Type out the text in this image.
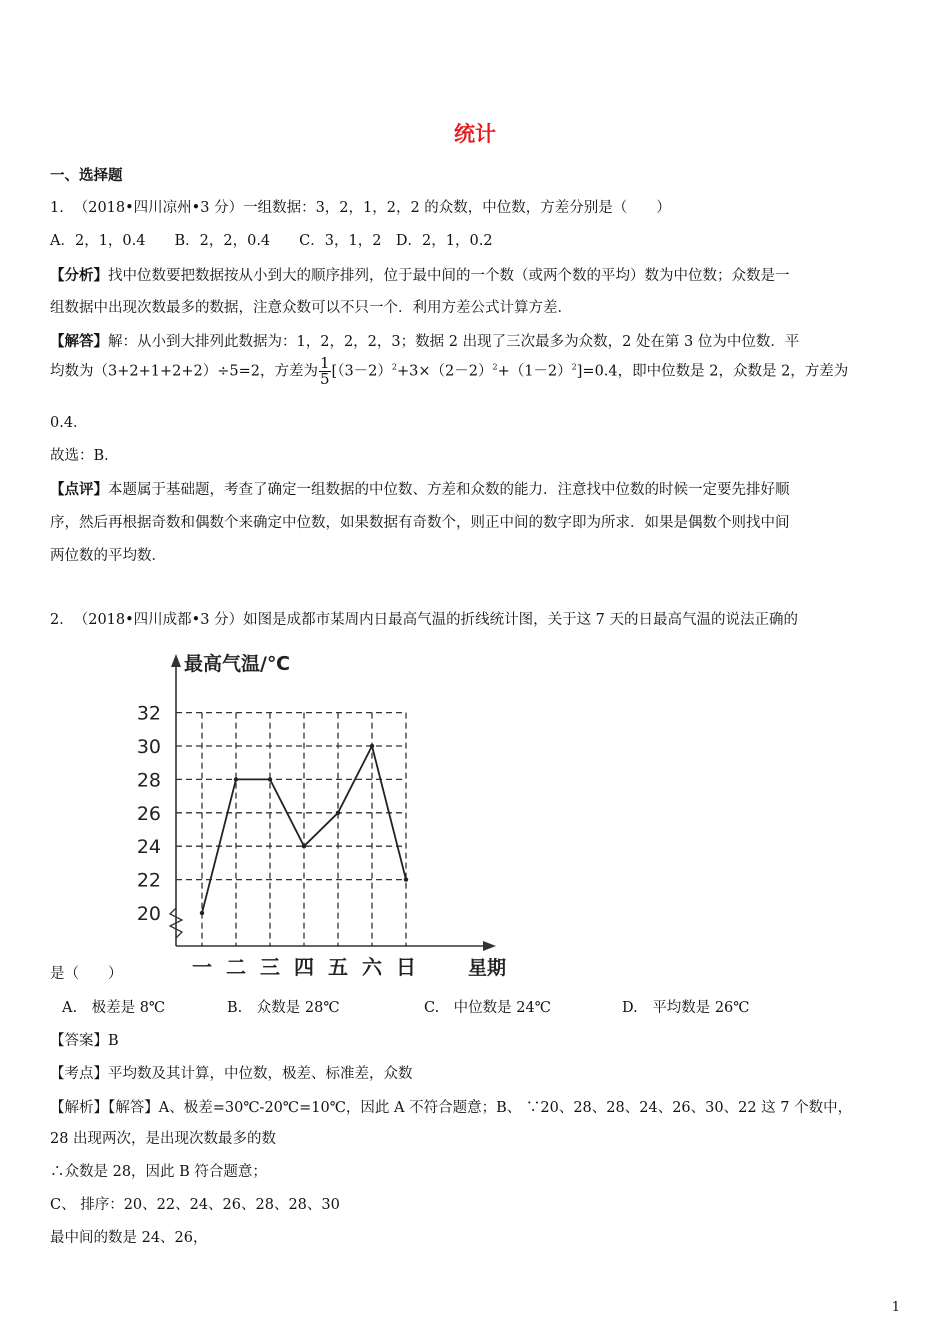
统计
一、选择题
1．　（2018•四川凉州•3 分）一组数据：3，2，1，2，2 的众数，中位数，方差分别是（　　）
A．2，1，0.4　　B．2，2，0.4　　C．3，1，2　D．2，1，0.2
【分析】找中位数要把数据按从小到大的顺序排列，位于最中间的一个数（或两个数的平均）数为中位数；众数是一
组数据中出现次数最多的数据，注意众数可以不只一个．利用方差公式计算方差．
【解答】解：从小到大排列此数据为：1，2，2，2，3；数据 2 出现了三次最多为众数，2 处在第 3 位为中位数．平
均数为（3+2+1+2+2）÷5=2，方差为 $\frac{1}{5} [(3-2)^2+3\times(2-2)^2+(1-2)^2]=0.4$，即中位数是 2，众数是 2，方差为
0.4．
故选：B．
【点评】本题属于基础题，考查了确定一组数据的中位数、方差和众数的能力．注意找中位数的时候一定要先排好顺
序，然后再根据奇数和偶数个来确定中位数，如果数据有奇数个，则正中间的数字即为所求．如果是偶数个则找中间
两位数的平均数．
2．　（2018•四川成都•3 分）如图是成都市某周内日最高气温的折线统计图，关于这 7 天的日最高气温的说法正确的
最高气温/℃
星期
20
22
24
26
28
30
32
一 二 三 四 五 六 日
是（　　）
A.　极差是 8℃	B.　众数是 28℃	C.　中位数是 24℃	D.　平均数是 26℃
【答案】B
【考点】平均数及其计算，中位数，极差、标准差，众数
【解析】【解答】A、极差=30℃-20℃=10℃，因此 A 不符合题意；B、 ∵20、28、28、24、26、30、22 这 7 个数中，
28 出现两次，是出现次数最多的数
∴众数是 28，因此 B 符合题意；
C、 排序：20、22、24、26、28、28、30
最中间的数是 24、26，
1
